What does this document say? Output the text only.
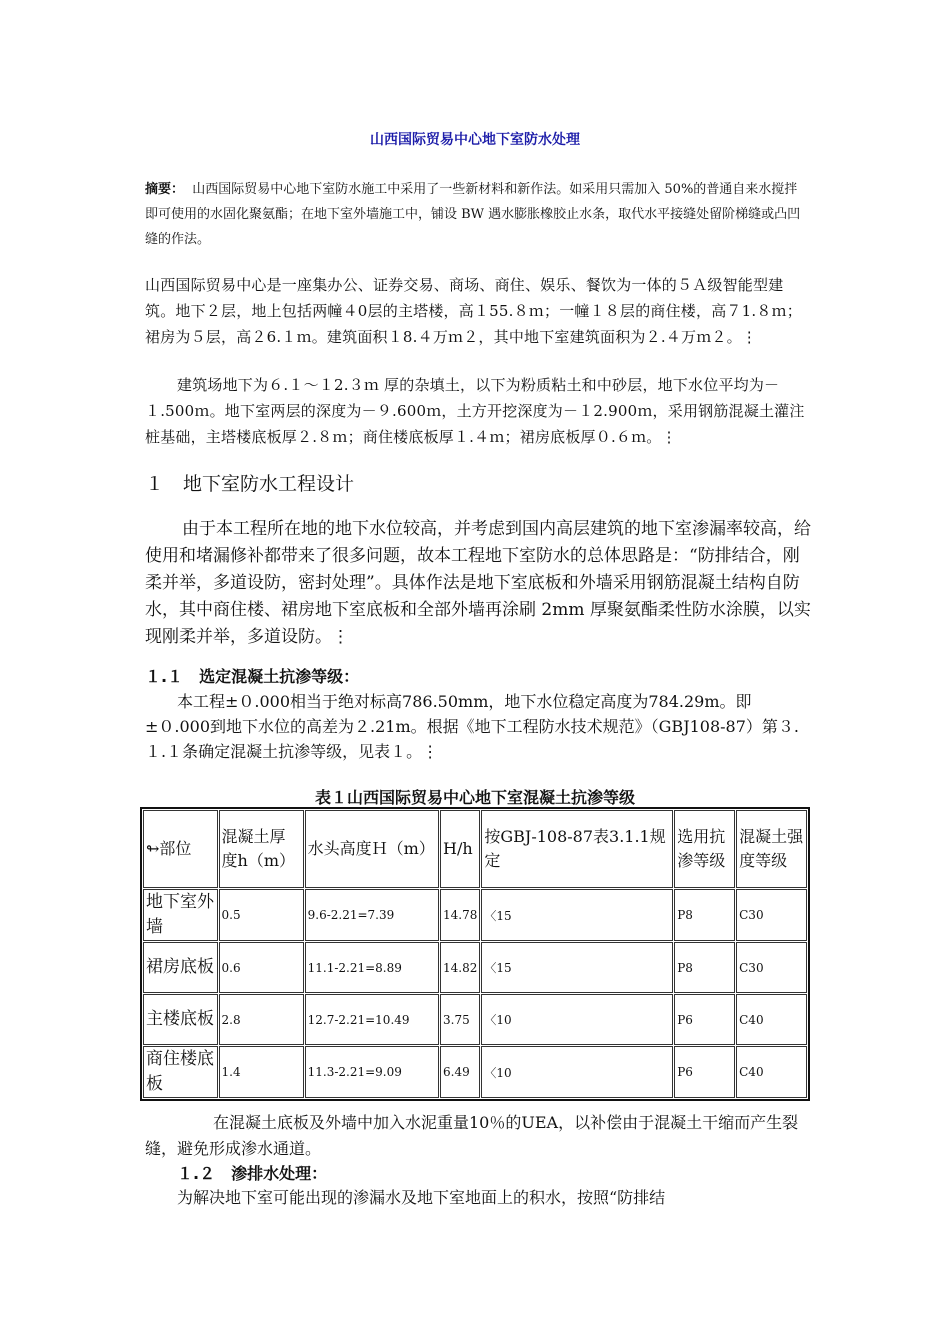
山西国际贸易中心地下室防水处理
摘要： 山西国际贸易中心地下室防水施工中采用了一些新材料和新作法。如采用只需加入 50%的普通自来水搅拌即可使用的水固化聚氨酯；在地下室外墙施工中，铺设 BW 遇水膨胀橡胶止水条，取代水平接缝处留阶梯缝或凸凹缝的作法。
山西国际贸易中心是一座集办公、证券交易、商场、商住、娱乐、餐饮为一体的５Ａ级智能型建筑。地下２层，地上包括两幢４0层的主塔楼，高１55.８ｍ；一幢１８层的商住楼，高７1.８ｍ；裙房为５层，高２6.１ｍ。建筑面积１8.４万ｍ２，其中地下室建筑面积为２.４万ｍ２。⋮
建筑场地下为６.１～１2.３ｍ 厚的杂填土，以下为粉质粘土和中砂层，地下水位平均为－１.500ｍ。地下室两层的深度为－９.600ｍ，土方开挖深度为－１2.900ｍ，采用钢筋混凝土灌注桩基础，主塔楼底板厚２.８ｍ；商住楼底板厚１.４ｍ；裙房底板厚０.６ｍ。⋮
１　地下室防水工程设计
由于本工程所在地的地下水位较高，并考虑到国内高层建筑的地下室渗漏率较高，给使用和堵漏修补都带来了很多问题，故本工程地下室防水的总体思路是：“防排结合，刚柔并举，多道设防，密封处理”。具体作法是地下室底板和外墙采用钢筋混凝土结构自防水，其中商住楼、裙房地下室底板和全部外墙再涂刷 2mm 厚聚氨酯柔性防水涂膜，以实现刚柔并举，多道设防。⋮
１.１　选定混凝土抗渗等级：
本工程±０.000相当于绝对标高786.50mm，地下水位稳定高度为784.29m。即±０.000到地下水位的高差为２.21m。根据《地下工程防水技术规范》（GBJ108-87）第３.１.１条确定混凝土抗渗等级，见表１。⋮
表１山西国际贸易中心地下室混凝土抗渗等级
↬部位	混凝土厚度h（m）	水头高度Ｈ（m）	H/h	按GBJ-108-87表3.1.1规定	选用抗渗等级	混凝土强度等级
地下室外墙	0.5	9.6-2.21=7.39	14.78	〈15	P8	C30
裙房底板	0.6	11.1-2.21=8.89	14.82	〈15	P8	C30
主楼底板	2.8	12.7-2.21=10.49	3.75	〈10	P6	C40
商住楼底板	1.4	11.3-2.21=9.09	6.49	〈10	P6	C40
在混凝土底板及外墙中加入水泥重量10％的UEA，以补偿由于混凝土干缩而产生裂缝，避免形成渗水通道。
１.２　渗排水处理：
为解决地下室可能出现的渗漏水及地下室地面上的积水，按照“防排结
